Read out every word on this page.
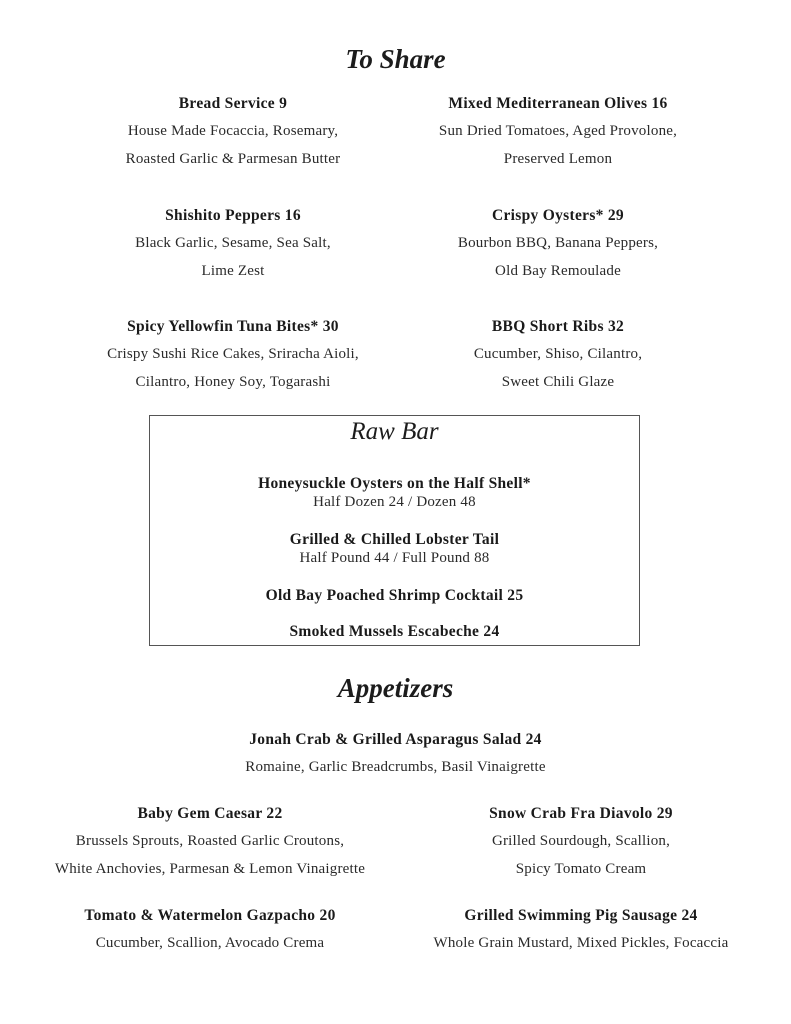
To Share
Bread Service 9
House Made Focaccia, Rosemary,
Roasted Garlic & Parmesan Butter
Mixed Mediterranean Olives 16
Sun Dried Tomatoes, Aged Provolone,
Preserved Lemon
Shishito Peppers 16
Black Garlic, Sesame, Sea Salt,
Lime Zest
Crispy Oysters* 29
Bourbon BBQ, Banana Peppers,
Old Bay Remoulade
Spicy Yellowfin Tuna Bites* 30
Crispy Sushi Rice Cakes, Sriracha Aioli,
Cilantro, Honey Soy, Togarashi
BBQ Short Ribs 32
Cucumber, Shiso, Cilantro,
Sweet Chili Glaze
Raw Bar
Honeysuckle Oysters on the Half Shell*
Half Dozen 24 / Dozen 48
Grilled & Chilled Lobster Tail
Half Pound 44 / Full Pound 88
Old Bay Poached Shrimp Cocktail 25
Smoked Mussels Escabeche 24
Appetizers
Jonah Crab & Grilled Asparagus Salad 24
Romaine, Garlic Breadcrumbs, Basil Vinaigrette
Baby Gem Caesar 22
Brussels Sprouts, Roasted Garlic Croutons,
White Anchovies, Parmesan & Lemon Vinaigrette
Snow Crab Fra Diavolo 29
Grilled Sourdough, Scallion,
Spicy Tomato Cream
Tomato & Watermelon Gazpacho 20
Cucumber, Scallion, Avocado Crema
Grilled Swimming Pig Sausage 24
Whole Grain Mustard, Mixed Pickles, Focaccia
